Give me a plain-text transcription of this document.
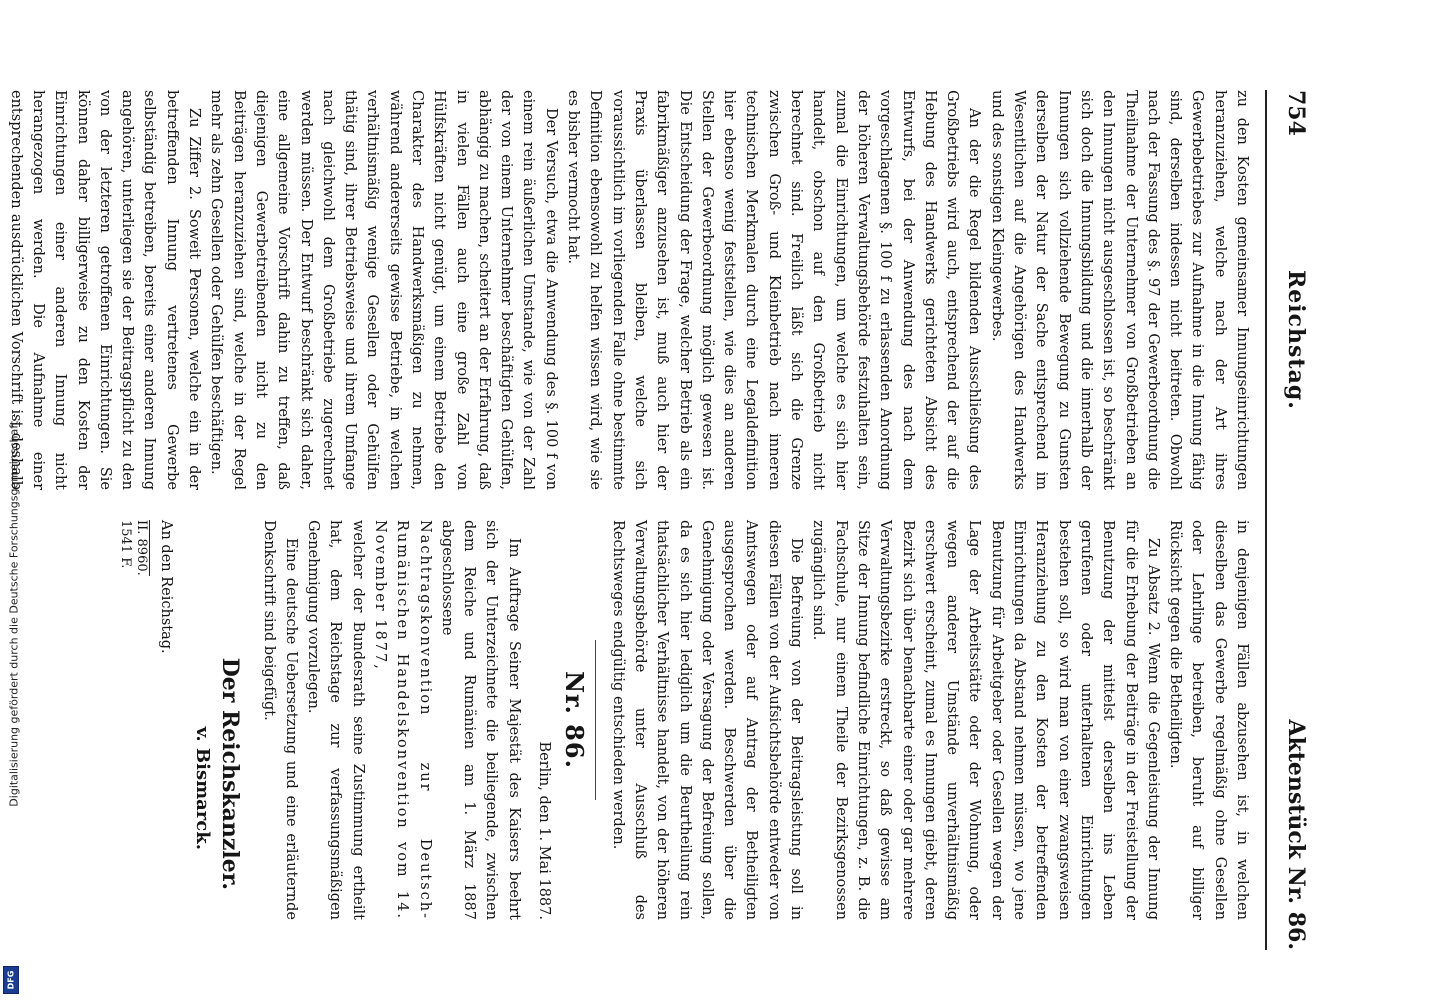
Digitalisierung gefördert durch die Deutsche Forschungsgemeinschaft -
DFG
754
Reichstag.
Aktenstück Nr. 86.

zu den Kosten gemeinsamer Innungseinrichtungen heranzuziehen, welche nach der Art ihres Gewerbebetriebes zur Aufnahme in die Innung fähig sind, derselben indessen nicht beitreten. Obwohl nach der Fassung des §. 97 der Gewerbeordnung die Theilnahme der Unternehmer von Großbetrieben an den Innungen nicht ausgeschlossen ist, so beschränkt sich doch die Innungsbildung und die innerhalb der Innungen sich vollziehende Bewegung zu Gunsten derselben der Natur der Sache entsprechend im Wesentlichen auf die Angehörigen des Handwerks und des sonstigen Kleingewerbes.

An der die Regel bildenden Ausschließung des Großbetriebs wird auch, entsprechend der auf die Hebung des Handwerks gerichteten Absicht des Entwurfs, bei der Anwendung des nach dem vorgeschlagenen §. 100 f zu erlassenden Anordnung der höheren Verwaltungsbehörde festzuhalten sein, zumal die Einrichtungen, um welche es sich hier handelt, obschon auf den Großbetrieb nicht berechnet sind. Freilich läßt sich die Grenze zwischen Groß- und Kleinbetrieb nach inneren technischen Merkmalen durch eine Legaldefinition hier ebenso wenig feststellen, wie dies an anderen Stellen der Gewerbeordnung möglich gewesen ist. Die Entscheidung der Frage, welcher Betrieb als ein fabrikmäßiger anzusehen ist, muß auch hier der Praxis überlassen bleiben, welche sich voraussichtlich im vorliegenden Falle ohne bestimmte Definition ebensowohl zu helfen wissen wird, wie sie es bisher vermocht hat.

Der Versuch, etwa die Anwendung des §. 100 f von einem rein äußerlichen Umstande, wie von der Zahl der von einem Unternehmer beschäftigten Gehülfen, abhängig zu machen, scheitert an der Erfahrung, daß in vielen Fällen auch eine große Zahl von Hülfskräften nicht genügt, um einem Betriebe den Charakter des Handwerksmäßigen zu nehmen, während andererseits gewisse Betriebe, in welchen verhältnismäßig wenige Gesellen oder Gehülfen thätig sind, ihrer Betriebsweise und ihrem Umfange nach gleichwohl dem Großbetriebe zugerechnet werden müssen. Der Entwurf beschränkt sich daher, eine allgemeine Vorschrift dahin zu treffen, daß diejenigen Gewerbetreibenden nicht zu den Beiträgen heranzuziehen sind, welche in der Regel mehr als zehn Gesellen oder Gehülfen beschäftigen.

Zu Ziffer 2. Soweit Personen, welche ein in der betreffenden Innung vertretenes Gewerbe selbständig betreiben, bereits einer anderen Innung angehören, unterliegen sie der Beitragspflicht zu den von der letzteren getroffenen Einrichtungen. Sie können daher billigerweise zu den Kosten der Einrichtungen einer anderen Innung nicht herangezogen werden. Die Aufnahme einer entsprechenden ausdrücklichen Vorschrift ist deshalb

in denjenigen Fällen abzusehen ist, in welchen dieselben das Gewerbe regelmäßig ohne Gesellen oder Lehrlinge betreiben, beruht auf billiger Rücksicht gegen die Betheiligten.

Zu Absatz 2. Wenn die Gegenleistung der Innung für die Erhebung der Beiträge in der Freistellung der Benutzung der mittelst derselben ins Leben gerufenen oder unterhaltenen Einrichtungen bestehen soll, so wird man von einer zwangsweisen Heranziehung zu den Kosten der betreffenden Einrichtungen da Abstand nehmen müssen, wo jene Benutzung für Arbeitgeber oder Gesellen wegen der Lage der Arbeitsstätte oder der Wohnung, oder wegen anderer Umstände unverhältnismäßig erschwert erscheint, zumal es Innungen giebt, deren Bezirk sich über benachbarte einer oder gar mehrere Verwaltungsbezirke erstreckt, so daß gewisse am Sitze der Innung befindliche Einrichtungen, z. B. die Fachschule, nur einem Theile der Bezirksgenossen zugänglich sind.

Die Befreiung von der Beitragsleistung soll in diesen Fällen von der Aufsichtsbehörde entweder von Amtswegen oder auf Antrag der Betheiligten ausgesprochen werden. Beschwerden über die Genehmigung oder Versagung der Befreiung sollen, da es sich hier lediglich um die Beurtheilung rein thatsächlicher Verhältnisse handelt, von der höheren Verwaltungsbehörde unter Ausschluß des Rechtsweges endgültig entschieden werden.

Nr. 86.
Berlin, den 1. Mai 1887.

Im Auftrage Seiner Majestät des Kaisers beehrt sich der Unterzeichnete die beiliegende, zwischen dem Reiche und Rumänien am 1. März 1887 abgeschlossene

Nachtragskonvention zur Deutsch-Rumänischen Handelskonvention vom 14. November 1877,

welcher der Bundesrath seine Zustimmung ertheilt hat, dem Reichstage zur verfassungsmäßigen Genehmigung vorzulegen.

Eine deutsche Uebersetzung und eine erläuternde Denkschrift sind beigefügt.

Der Reichskanzler.
v. Bismarck.
An den Reichstag.
II. 8960.
1541 F.
